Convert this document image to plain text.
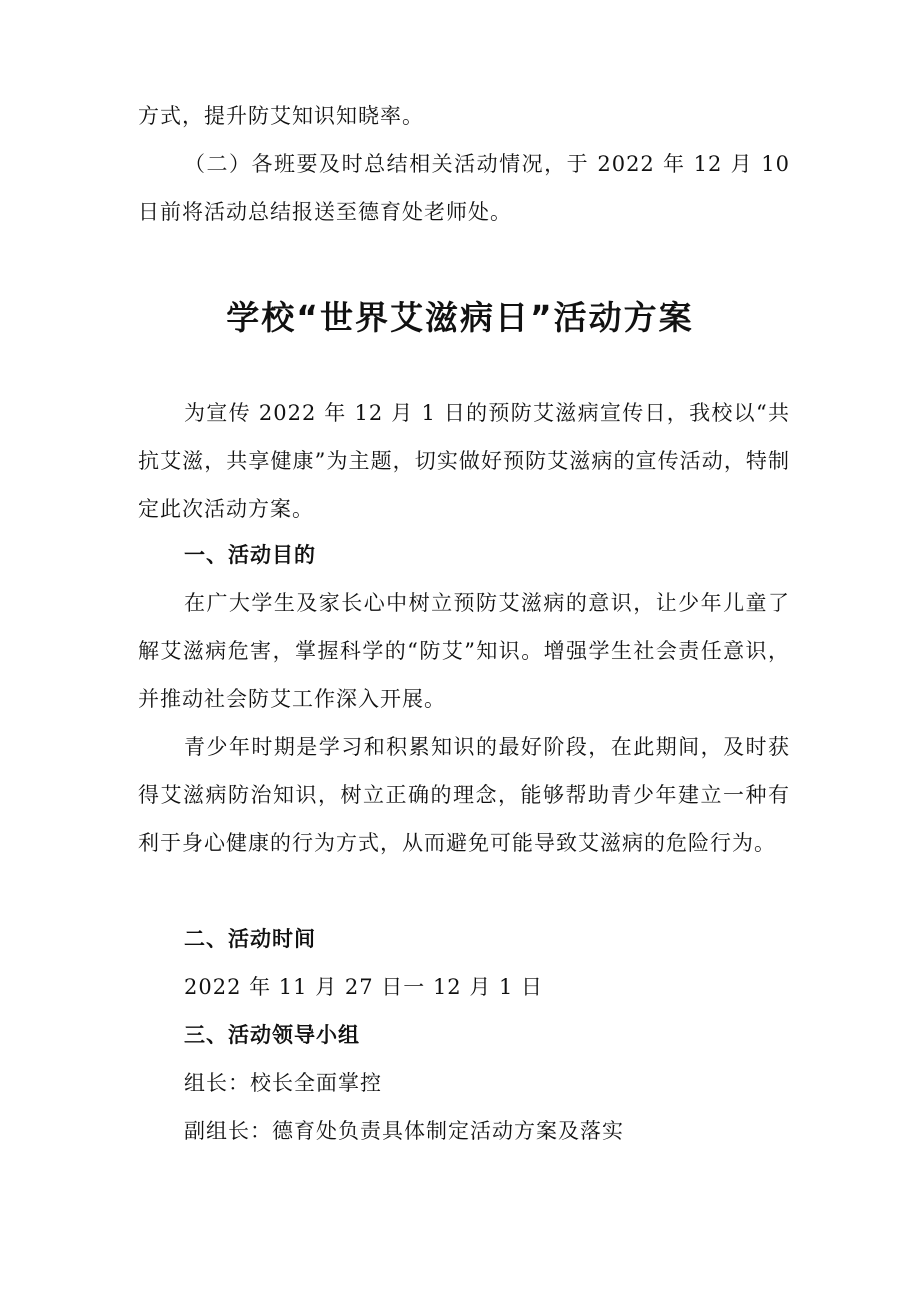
方式，提升防艾知识知晓率。

（二）各班要及时总结相关活动情况，于 2022 年 12 月 10 日前将活动总结报送至德育处老师处。

学校“世界艾滋病日”活动方案

为宣传 2022 年 12 月 1 日的预防艾滋病宣传日，我校以“共抗艾滋，共享健康”为主题，切实做好预防艾滋病的宣传活动，特制定此次活动方案。

一、活动目的

在广大学生及家长心中树立预防艾滋病的意识，让少年儿童了解艾滋病危害，掌握科学的“防艾”知识。增强学生社会责任意识，并推动社会防艾工作深入开展。

青少年时期是学习和积累知识的最好阶段，在此期间，及时获得艾滋病防治知识，树立正确的理念，能够帮助青少年建立一种有利于身心健康的行为方式，从而避免可能导致艾滋病的危险行为。

二、活动时间

2022 年 11 月 27 日一 12 月 1 日

三、活动领导小组

组长：校长全面掌控

副组长：德育处负责具体制定活动方案及落实
